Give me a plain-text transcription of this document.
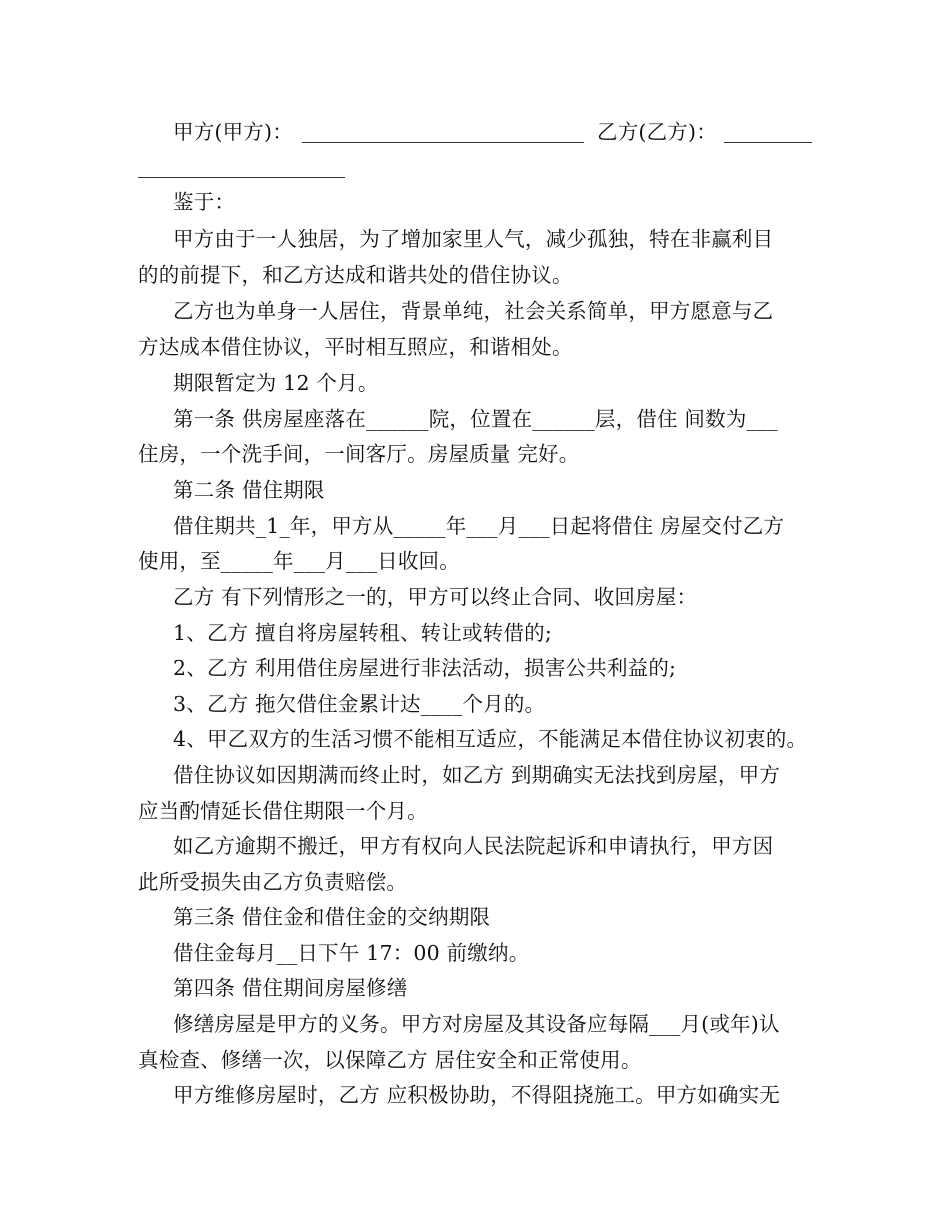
甲方(甲方)：	乙方(乙方)：
鉴于：
甲方由于一人独居，为了增加家里人气，减少孤独，特在非赢利目
的的前提下，和乙方达成和谐共处的借住协议。
乙方也为单身一人居住，背景单纯，社会关系简单，甲方愿意与乙
方达成本借住协议，平时相互照应，和谐相处。
期限暂定为 12 个月。
第一条 供房屋座落在______院，位置在______层，借住 间数为___
住房，一个洗手间，一间客厅。房屋质量 完好。
第二条 借住期限
借住期共_1_年，甲方从_____年___月___日起将借住 房屋交付乙方
使用，至_____年___月___日收回。
乙方 有下列情形之一的，甲方可以终止合同、收回房屋：
1、乙方 擅自将房屋转租、转让或转借的;
2、乙方 利用借住房屋进行非法活动，损害公共利益的;
3、乙方 拖欠借住金累计达____个月的。
4、甲乙双方的生活习惯不能相互适应，不能满足本借住协议初衷的。
借住协议如因期满而终止时，如乙方 到期确实无法找到房屋，甲方
应当酌情延长借住期限一个月。
如乙方逾期不搬迁，甲方有权向人民法院起诉和申请执行，甲方因
此所受损失由乙方负责赔偿。
第三条 借住金和借住金的交纳期限
借住金每月__日下午 17：00 前缴纳。
第四条 借住期间房屋修缮
修缮房屋是甲方的义务。甲方对房屋及其设备应每隔___月(或年)认
真检查、修缮一次，以保障乙方 居住安全和正常使用。
甲方维修房屋时，乙方 应积极协助，不得阻挠施工。甲方如确实无
